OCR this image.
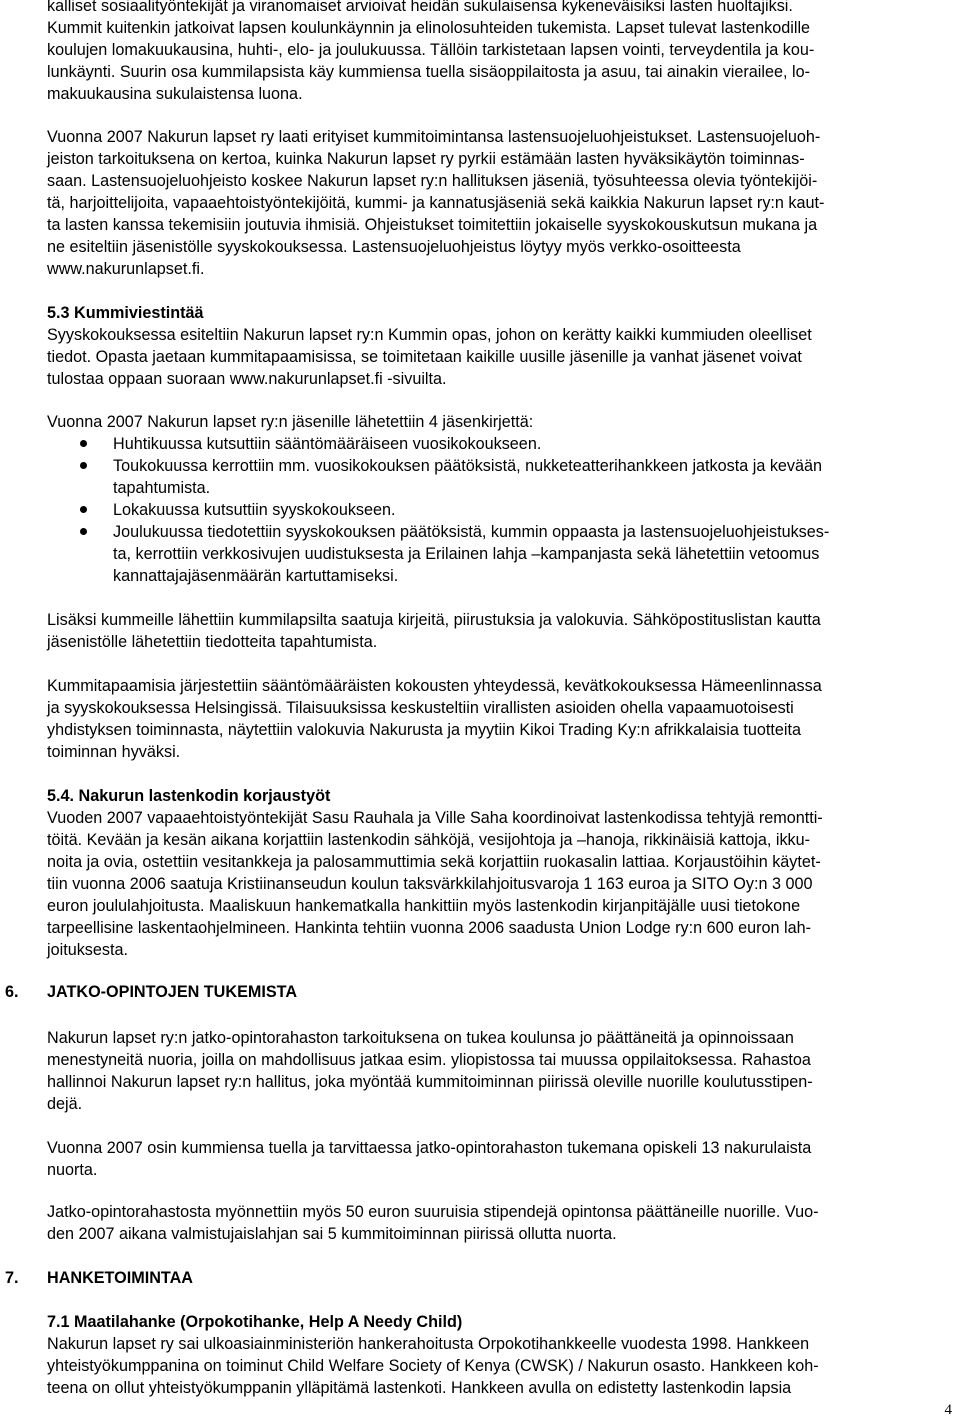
kalliset sosiaalityöntekijät ja viranomaiset arvioivat heidän sukulaisensa kykeneväisiksi lasten huoltajiksi.
Kummit kuitenkin jatkoivat lapsen koulunkäynnin ja elinolosuhteiden tukemista. Lapset tulevat lastenkodille
koulujen lomakuukausina, huhti-, elo- ja joulukuussa. Tällöin tarkistetaan lapsen vointi, terveydentila ja kou-
lunkäynti. Suurin osa kummilapsista käy kummiensa tuella sisäoppilaitosta ja asuu, tai ainakin vierailee, lo-
makuukausina sukulaistensa luona.
Vuonna 2007 Nakurun lapset ry laati erityiset kummitoimintansa lastensuojeluohjeistukset. Lastensuojeluoh-
jeiston tarkoituksena on kertoa, kuinka Nakurun lapset ry pyrkii estämään lasten hyväksikäytön toiminnas-
saan. Lastensuojeluohjeisto koskee Nakurun lapset ry:n hallituksen jäseniä, työsuhteessa olevia työntekijöi-
tä, harjoittelijoita, vapaaehtoistyöntekijöitä, kummi- ja kannatusjäseniä sekä kaikkia Nakurun lapset ry:n kaut-
ta lasten kanssa tekemisiin joutuvia ihmisiä. Ohjeistukset toimitettiin jokaiselle syyskokouskutsun mukana ja
ne esiteltiin jäsenistölle syyskokouksessa. Lastensuojeluohjeistus löytyy myös verkko-osoitteesta
www.nakurunlapset.fi.
5.3 Kummiviestintää
Syyskokouksessa esiteltiin Nakurun lapset ry:n Kummin opas, johon on kerätty kaikki kummiuden oleelliset
tiedot. Opasta jaetaan kummitapaamisissa, se toimitetaan kaikille uusille jäsenille ja vanhat jäsenet voivat
tulostaa oppaan suoraan www.nakurunlapset.fi -sivuilta.
Vuonna 2007 Nakurun lapset ry:n jäsenille lähetettiin 4 jäsenkirjettä:
Huhtikuussa kutsuttiin sääntömääräiseen vuosikokoukseen.
Toukokuussa kerrottiin mm. vuosikokouksen päätöksistä, nukketeatterihankkeen jatkosta ja kevään
tapahtumista.
Lokakuussa kutsuttiin syyskokoukseen.
Joulukuussa tiedotettiin syyskokouksen päätöksistä, kummin oppaasta ja lastensuojeluohjeistukses-
ta, kerrottiin verkkosivujen uudistuksesta ja Erilainen lahja –kampanjasta sekä lähetettiin vetoomus
kannattajajäsenmäärän kartuttamiseksi.
Lisäksi kummeille lähettiin kummilapsilta saatuja kirjeitä, piirustuksia ja valokuvia. Sähköpostituslistan kautta
jäsenistölle lähetettiin tiedotteita tapahtumista.
Kummitapaamisia järjestettiin sääntömääräisten kokousten yhteydessä, kevätkokouksessa Hämeenlinnassa
ja syyskokouksessa Helsingissä. Tilaisuuksissa keskusteltiin virallisten asioiden ohella vapaamuotoisesti
yhdistyksen toiminnasta, näytettiin valokuvia Nakurusta ja myytiin Kikoi Trading Ky:n afrikkalaisia tuotteita
toiminnan hyväksi.
5.4. Nakurun lastenkodin korjaustyöt
Vuoden 2007 vapaaehtoistyöntekijät Sasu Rauhala ja Ville Saha koordinoivat lastenkodissa tehtyjä remontti-
töitä. Kevään ja kesän aikana korjattiin lastenkodin sähköjä, vesijohtoja ja –hanoja, rikkinäisiä kattoja, ikku-
noita ja ovia, ostettiin vesitankkeja ja palosammuttimia sekä korjattiin ruokasalin lattiaa. Korjaustöihin käytet-
tiin vuonna 2006 saatuja Kristiinanseudun koulun taksvärkkilahjoitusvaroja 1 163 euroa ja SITO Oy:n 3 000
euron joululahjoitusta. Maaliskuun hankematkalla hankittiin myös lastenkodin kirjanpitäjälle uusi tietokone
tarpeellisine laskentaohjelmineen. Hankinta tehtiin vuonna 2006 saadusta Union Lodge ry:n 600 euron lah-
joituksesta.
6. JATKO-OPINTOJEN TUKEMISTA
Nakurun lapset ry:n jatko-opintorahaston tarkoituksena on tukea koulunsa jo päättäneitä ja opinnoissaan
menestyneitä nuoria, joilla on mahdollisuus jatkaa esim. yliopistossa tai muussa oppilaitoksessa. Rahastoa
hallinnoi Nakurun lapset ry:n hallitus, joka myöntää kummitoiminnan piirissä oleville nuorille koulutusstipen-
dejä.
Vuonna 2007 osin kummiensa tuella ja tarvittaessa jatko-opintorahaston tukemana opiskeli 13 nakurulaista
nuorta.
Jatko-opintorahastosta myönnettiin myös 50 euron suuruisia stipendejä opintonsa päättäneille nuorille. Vuo-
den 2007 aikana valmistujaislahjan sai 5 kummitoiminnan piirissä ollutta nuorta.
7. HANKETOIMINTAA
7.1 Maatilahanke (Orpokotihanke, Help A Needy Child)
Nakurun lapset ry sai ulkoasiainministeriön hankerahoitusta Orpokotihankkeelle vuodesta 1998. Hankkeen
yhteistyökumppanina on toiminut Child Welfare Society of Kenya (CWSK) / Nakurun osasto. Hankkeen koh-
teena on ollut yhteistyökumppanin ylläpitämä lastenkoti. Hankkeen avulla on edistetty lastenkodin lapsia
4
